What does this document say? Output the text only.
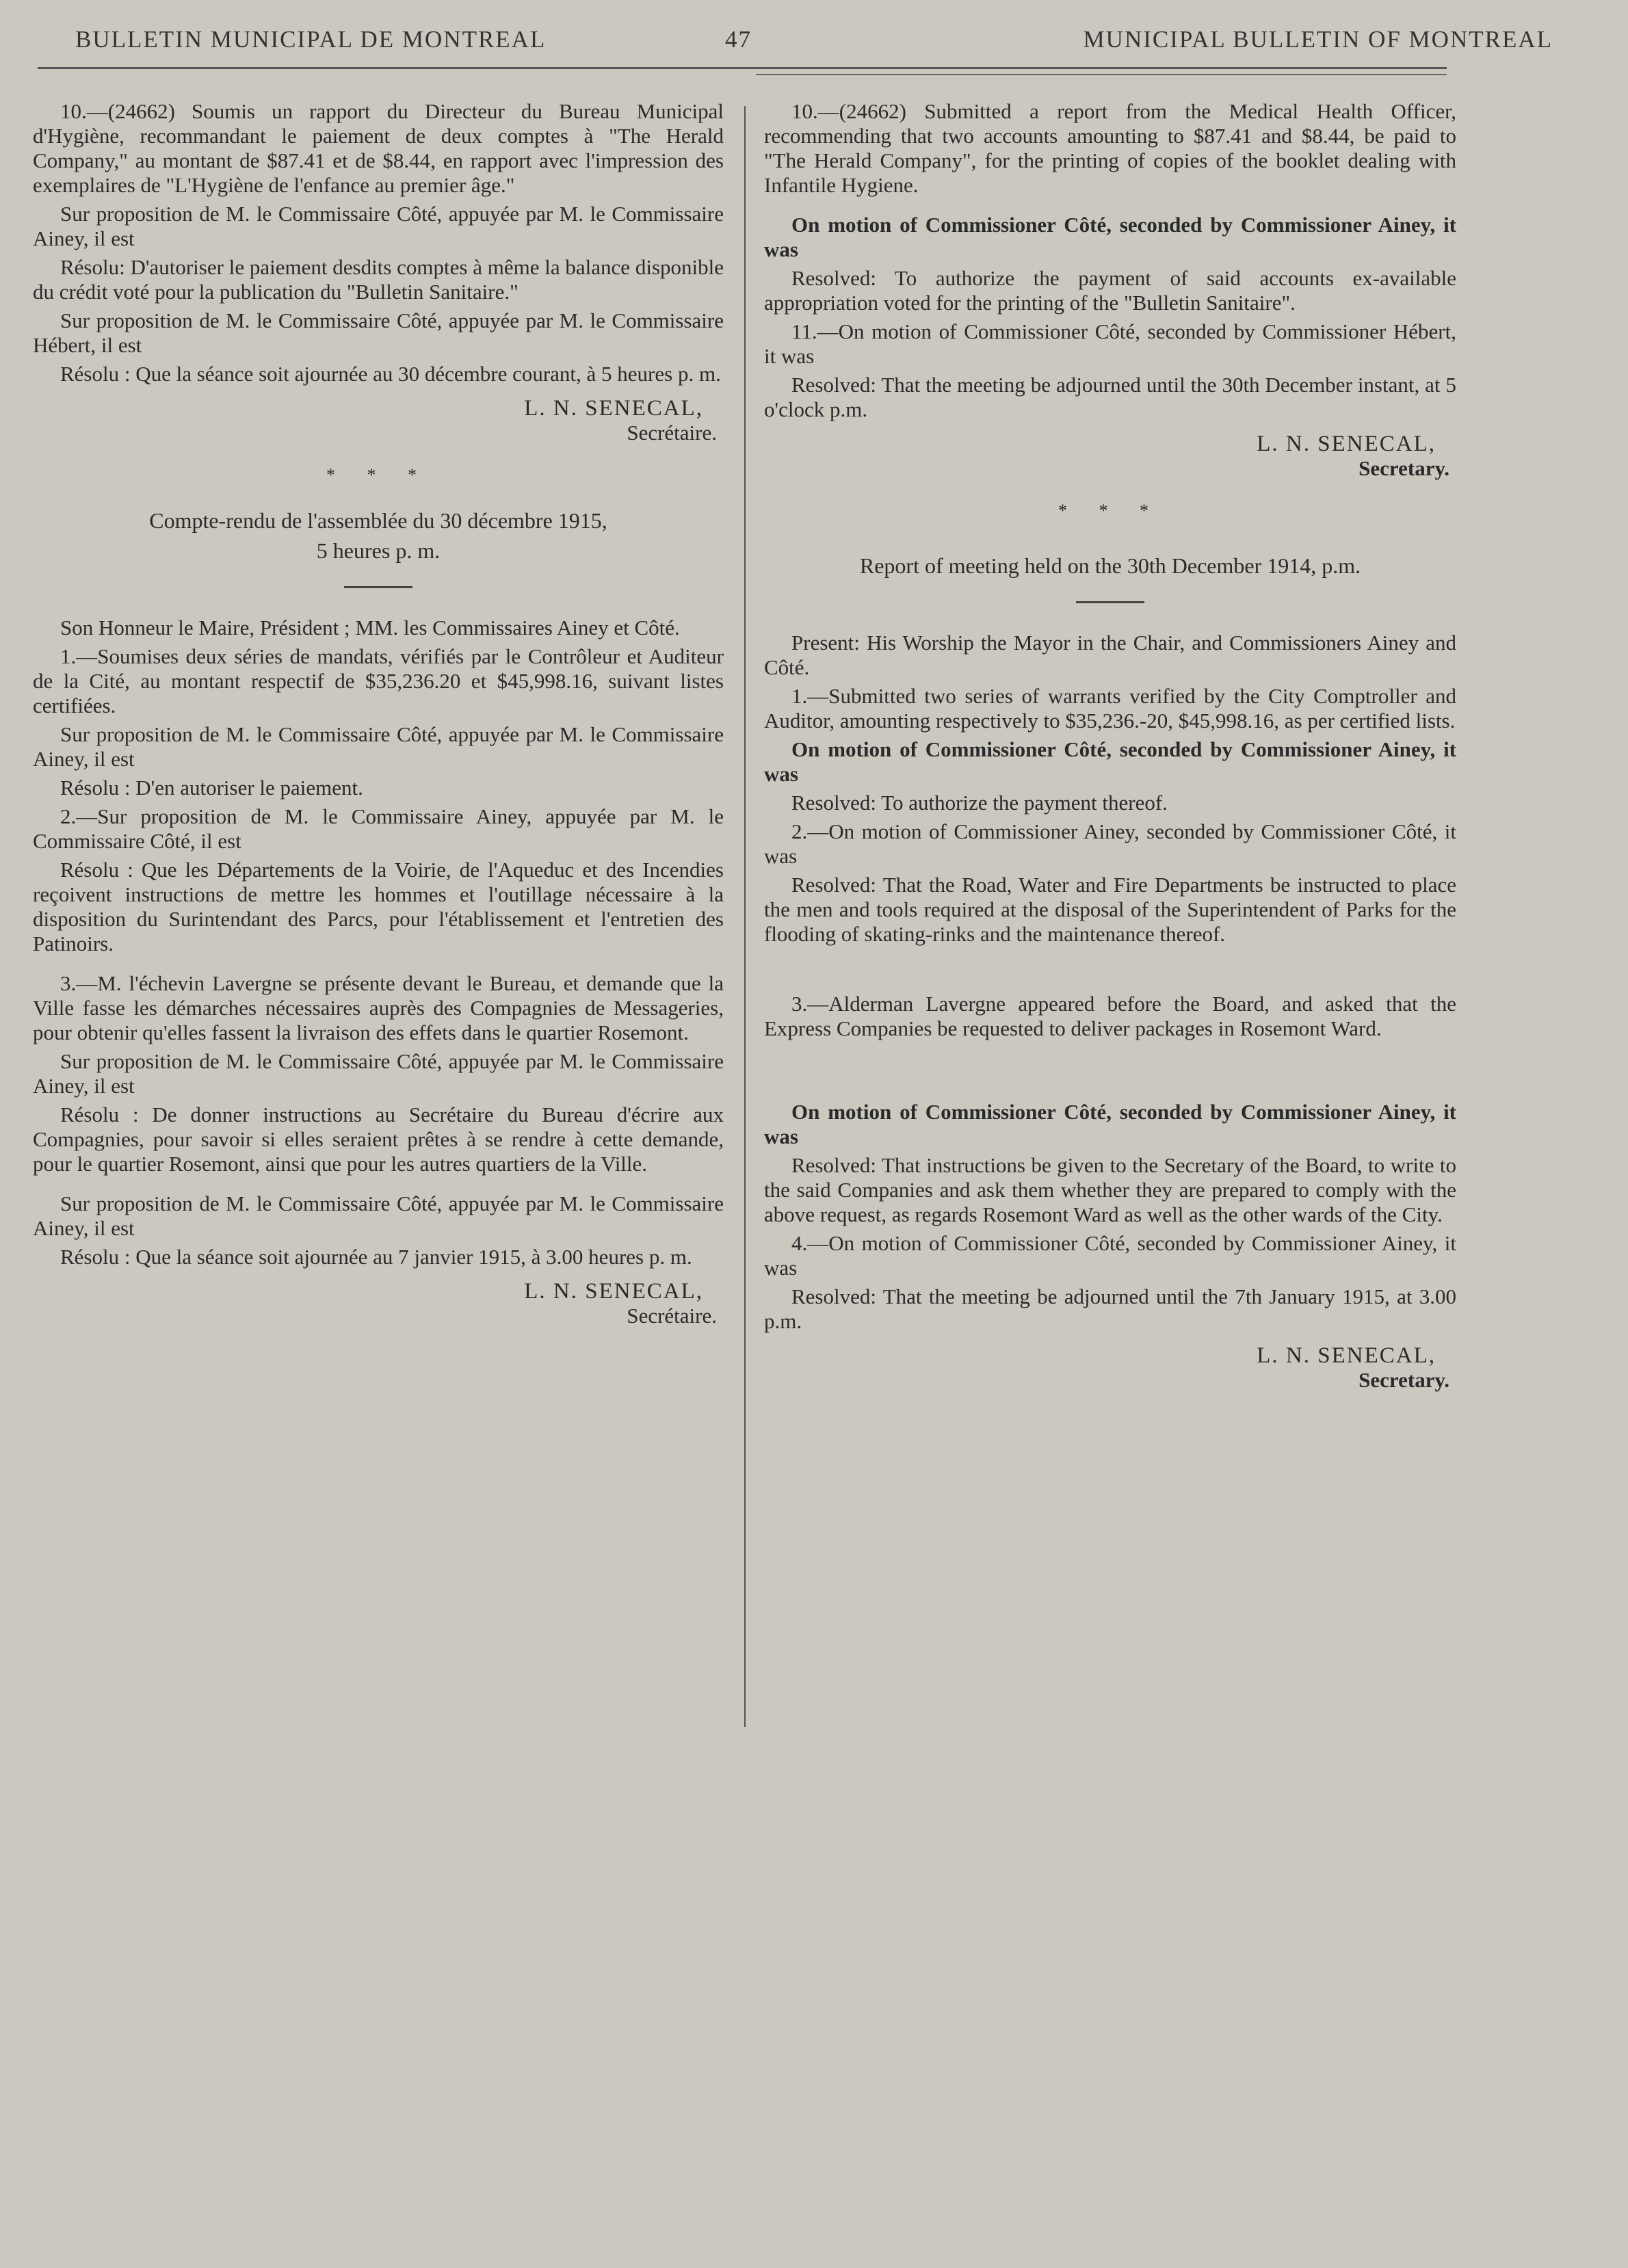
BULLETIN MUNICIPAL DE MONTREAL	47	MUNICIPAL BULLETIN OF MONTREAL

10.—(24662) Soumis un rapport du Directeur du Bureau Municipal d'Hygiène, recommandant le paiement de deux comptes à "The Herald Company," au montant de $87.41 et de $8.44, en rapport avec l'impression des exemplaires de "L'Hygiène de l'enfance au premier âge."

Sur proposition de M. le Commissaire Côté, appuyée par M. le Commissaire Ainey, il est

Résolu: D'autoriser le paiement desdits comptes à même la balance disponible du crédit voté pour la publication du "Bulletin Sanitaire."

Sur proposition de M. le Commissaire Côté, appuyée par M. le Commissaire Hébert, il est

Résolu : Que la séance soit ajournée au 30 décembre courant, à 5 heures p. m.

L. N. SENECAL,
Secrétaire.
* * *
Compte-rendu de l'assemblée du 30 décembre 1915,
5 heures p. m.

Son Honneur le Maire, Président ; MM. les Commissaires Ainey et Côté.

1.—Soumises deux séries de mandats, vérifiés par le Contrôleur et Auditeur de la Cité, au montant respectif de $35,236.20 et $45,998.16, suivant listes certifiées.

Sur proposition de M. le Commissaire Côté, appuyée par M. le Commissaire Ainey, il est

Résolu : D'en autoriser le paiement.

2.—Sur proposition de M. le Commissaire Ainey, appuyée par M. le Commissaire Côté, il est

Résolu : Que les Départements de la Voirie, de l'Aqueduc et des Incendies reçoivent instructions de mettre les hommes et l'outillage nécessaire à la disposition du Surintendant des Parcs, pour l'établissement et l'entretien des Patinoirs.

3.—M. l'échevin Lavergne se présente devant le Bureau, et demande que la Ville fasse les démarches nécessaires auprès des Compagnies de Messageries, pour obtenir qu'elles fassent la livraison des effets dans le quartier Rosemont.

Sur proposition de M. le Commissaire Côté, appuyée par M. le Commissaire Ainey, il est

Résolu : De donner instructions au Secrétaire du Bureau d'écrire aux Compagnies, pour savoir si elles seraient prêtes à se rendre à cette demande, pour le quartier Rosemont, ainsi que pour les autres quartiers de la Ville.

Sur proposition de M. le Commissaire Côté, appuyée par M. le Commissaire Ainey, il est

Résolu : Que la séance soit ajournée au 7 janvier 1915, à 3.00 heures p. m.

L. N. SENECAL,
Secrétaire.

10.—(24662) Submitted a report from the Medical Health Officer, recommending that two accounts amounting to $87.41 and $8.44, be paid to "The Herald Company", for the printing of copies of the booklet dealing with Infantile Hygiene.

On motion of Commissioner Côté, seconded by Commissioner Ainey, it was

Resolved: To authorize the payment of said accounts ex-available appropriation voted for the printing of the "Bulletin Sanitaire".

11.—On motion of Commissioner Côté, seconded by Commissioner Hébert, it was

Resolved: That the meeting be adjourned until the 30th December instant, at 5 o'clock p.m.

L. N. SENECAL,
Secretary.
* * *
Report of meeting held on the 30th December 1914, p.m.

Present: His Worship the Mayor in the Chair, and Commissioners Ainey and Côté.

1.—Submitted two series of warrants verified by the City Comptroller and Auditor, amounting respectively to $35,236.-20, $45,998.16, as per certified lists.

On motion of Commissioner Côté, seconded by Commissioner Ainey, it was

Resolved: To authorize the payment thereof.

2.—On motion of Commissioner Ainey, seconded by Commissioner Côté, it was

Resolved: That the Road, Water and Fire Departments be instructed to place the men and tools required at the disposal of the Superintendent of Parks for the flooding of skating-rinks and the maintenance thereof.

3.—Alderman Lavergne appeared before the Board, and asked that the Express Companies be requested to deliver packages in Rosemont Ward.

On motion of Commissioner Côté, seconded by Commissioner Ainey, it was

Resolved: That instructions be given to the Secretary of the Board, to write to the said Companies and ask them whether they are prepared to comply with the above request, as regards Rosemont Ward as well as the other wards of the City.

4.—On motion of Commissioner Côté, seconded by Commissioner Ainey, it was

Resolved: That the meeting be adjourned until the 7th January 1915, at 3.00 p.m.

L. N. SENECAL,
Secretary.
